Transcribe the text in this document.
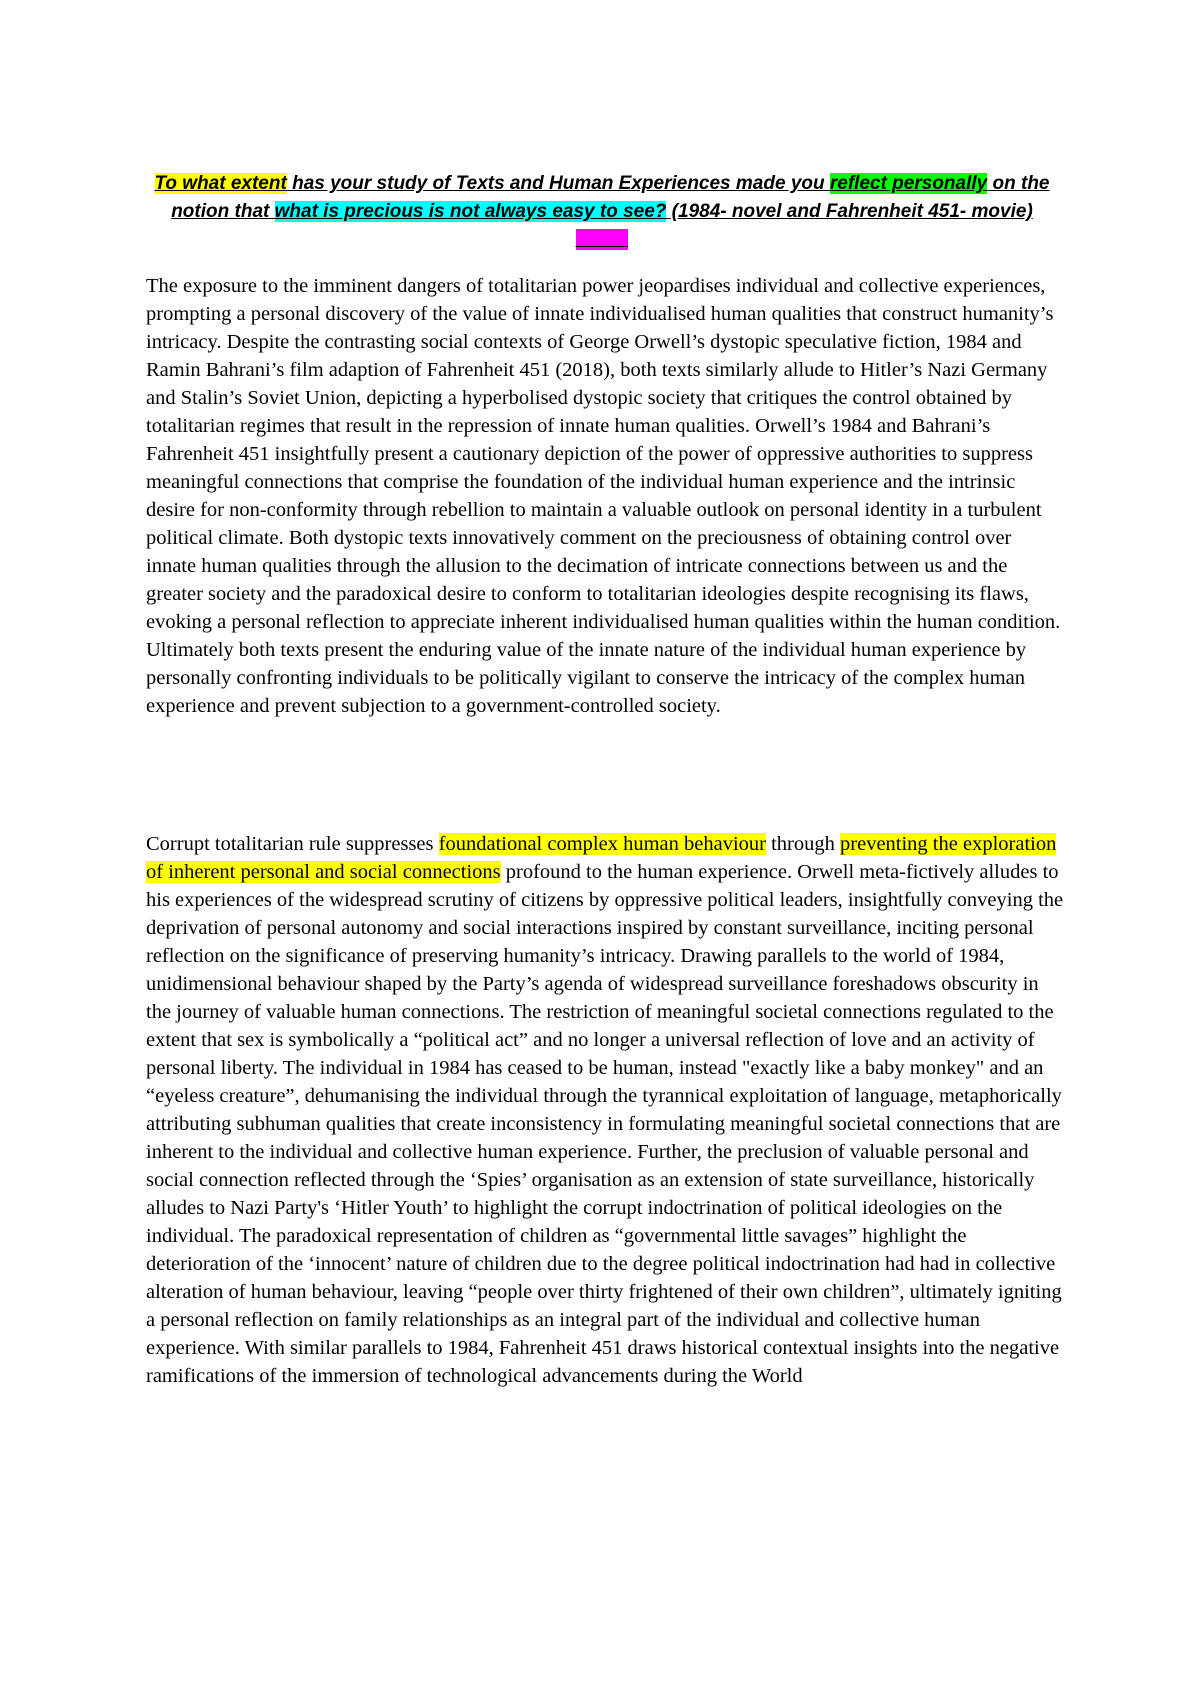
To what extent has your study of Texts and Human Experiences made you reflect personally on the notion that what is precious is not always easy to see? (1984- novel and Fahrenheit 451- movie)
The exposure to the imminent dangers of totalitarian power jeopardises individual and collective experiences, prompting a personal discovery of the value of innate individualised human qualities that construct humanity’s intricacy. Despite the contrasting social contexts of George Orwell’s dystopic speculative fiction, 1984 and Ramin Bahrani’s film adaption of Fahrenheit 451 (2018), both texts similarly allude to Hitler’s Nazi Germany and Stalin’s Soviet Union, depicting a hyperbolised dystopic society that critiques the control obtained by totalitarian regimes that result in the repression of innate human qualities. Orwell’s 1984 and Bahrani’s Fahrenheit 451 insightfully present a cautionary depiction of the power of oppressive authorities to suppress meaningful connections that comprise the foundation of the individual human experience and the intrinsic desire for non-conformity through rebellion to maintain a valuable outlook on personal identity in a turbulent political climate. Both dystopic texts innovatively comment on the preciousness of obtaining control over innate human qualities through the allusion to the decimation of intricate connections between us and the greater society and the paradoxical desire to conform to totalitarian ideologies despite recognising its flaws, evoking a personal reflection to appreciate inherent individualised human qualities within the human condition. Ultimately both texts present the enduring value of the innate nature of the individual human experience by personally confronting individuals to be politically vigilant to conserve the intricacy of the complex human experience and prevent subjection to a government-controlled society.
Corrupt totalitarian rule suppresses foundational complex human behaviour through preventing the exploration of inherent personal and social connections profound to the human experience. Orwell meta-fictively alludes to his experiences of the widespread scrutiny of citizens by oppressive political leaders, insightfully conveying the deprivation of personal autonomy and social interactions inspired by constant surveillance, inciting personal reflection on the significance of preserving humanity’s intricacy. Drawing parallels to the world of 1984, unidimensional behaviour shaped by the Party’s agenda of widespread surveillance foreshadows obscurity in the journey of valuable human connections. The restriction of meaningful societal connections regulated to the extent that sex is symbolically a “political act” and no longer a universal reflection of love and an activity of personal liberty. The individual in 1984 has ceased to be human, instead "exactly like a baby monkey" and an “eyeless creature”, dehumanising the individual through the tyrannical exploitation of language, metaphorically attributing subhuman qualities that create inconsistency in formulating meaningful societal connections that are inherent to the individual and collective human experience. Further, the preclusion of valuable personal and social connection reflected through the ‘Spies’ organisation as an extension of state surveillance, historically alludes to Nazi Party's ‘Hitler Youth’ to highlight the corrupt indoctrination of political ideologies on the individual. The paradoxical representation of children as “governmental little savages” highlight the deterioration of the ‘innocent’ nature of children due to the degree political indoctrination had had in collective alteration of human behaviour, leaving “people over thirty frightened of their own children”, ultimately igniting a personal reflection on family relationships as an integral part of the individual and collective human experience. With similar parallels to 1984, Fahrenheit 451 draws historical contextual insights into the negative ramifications of the immersion of technological advancements during the World
